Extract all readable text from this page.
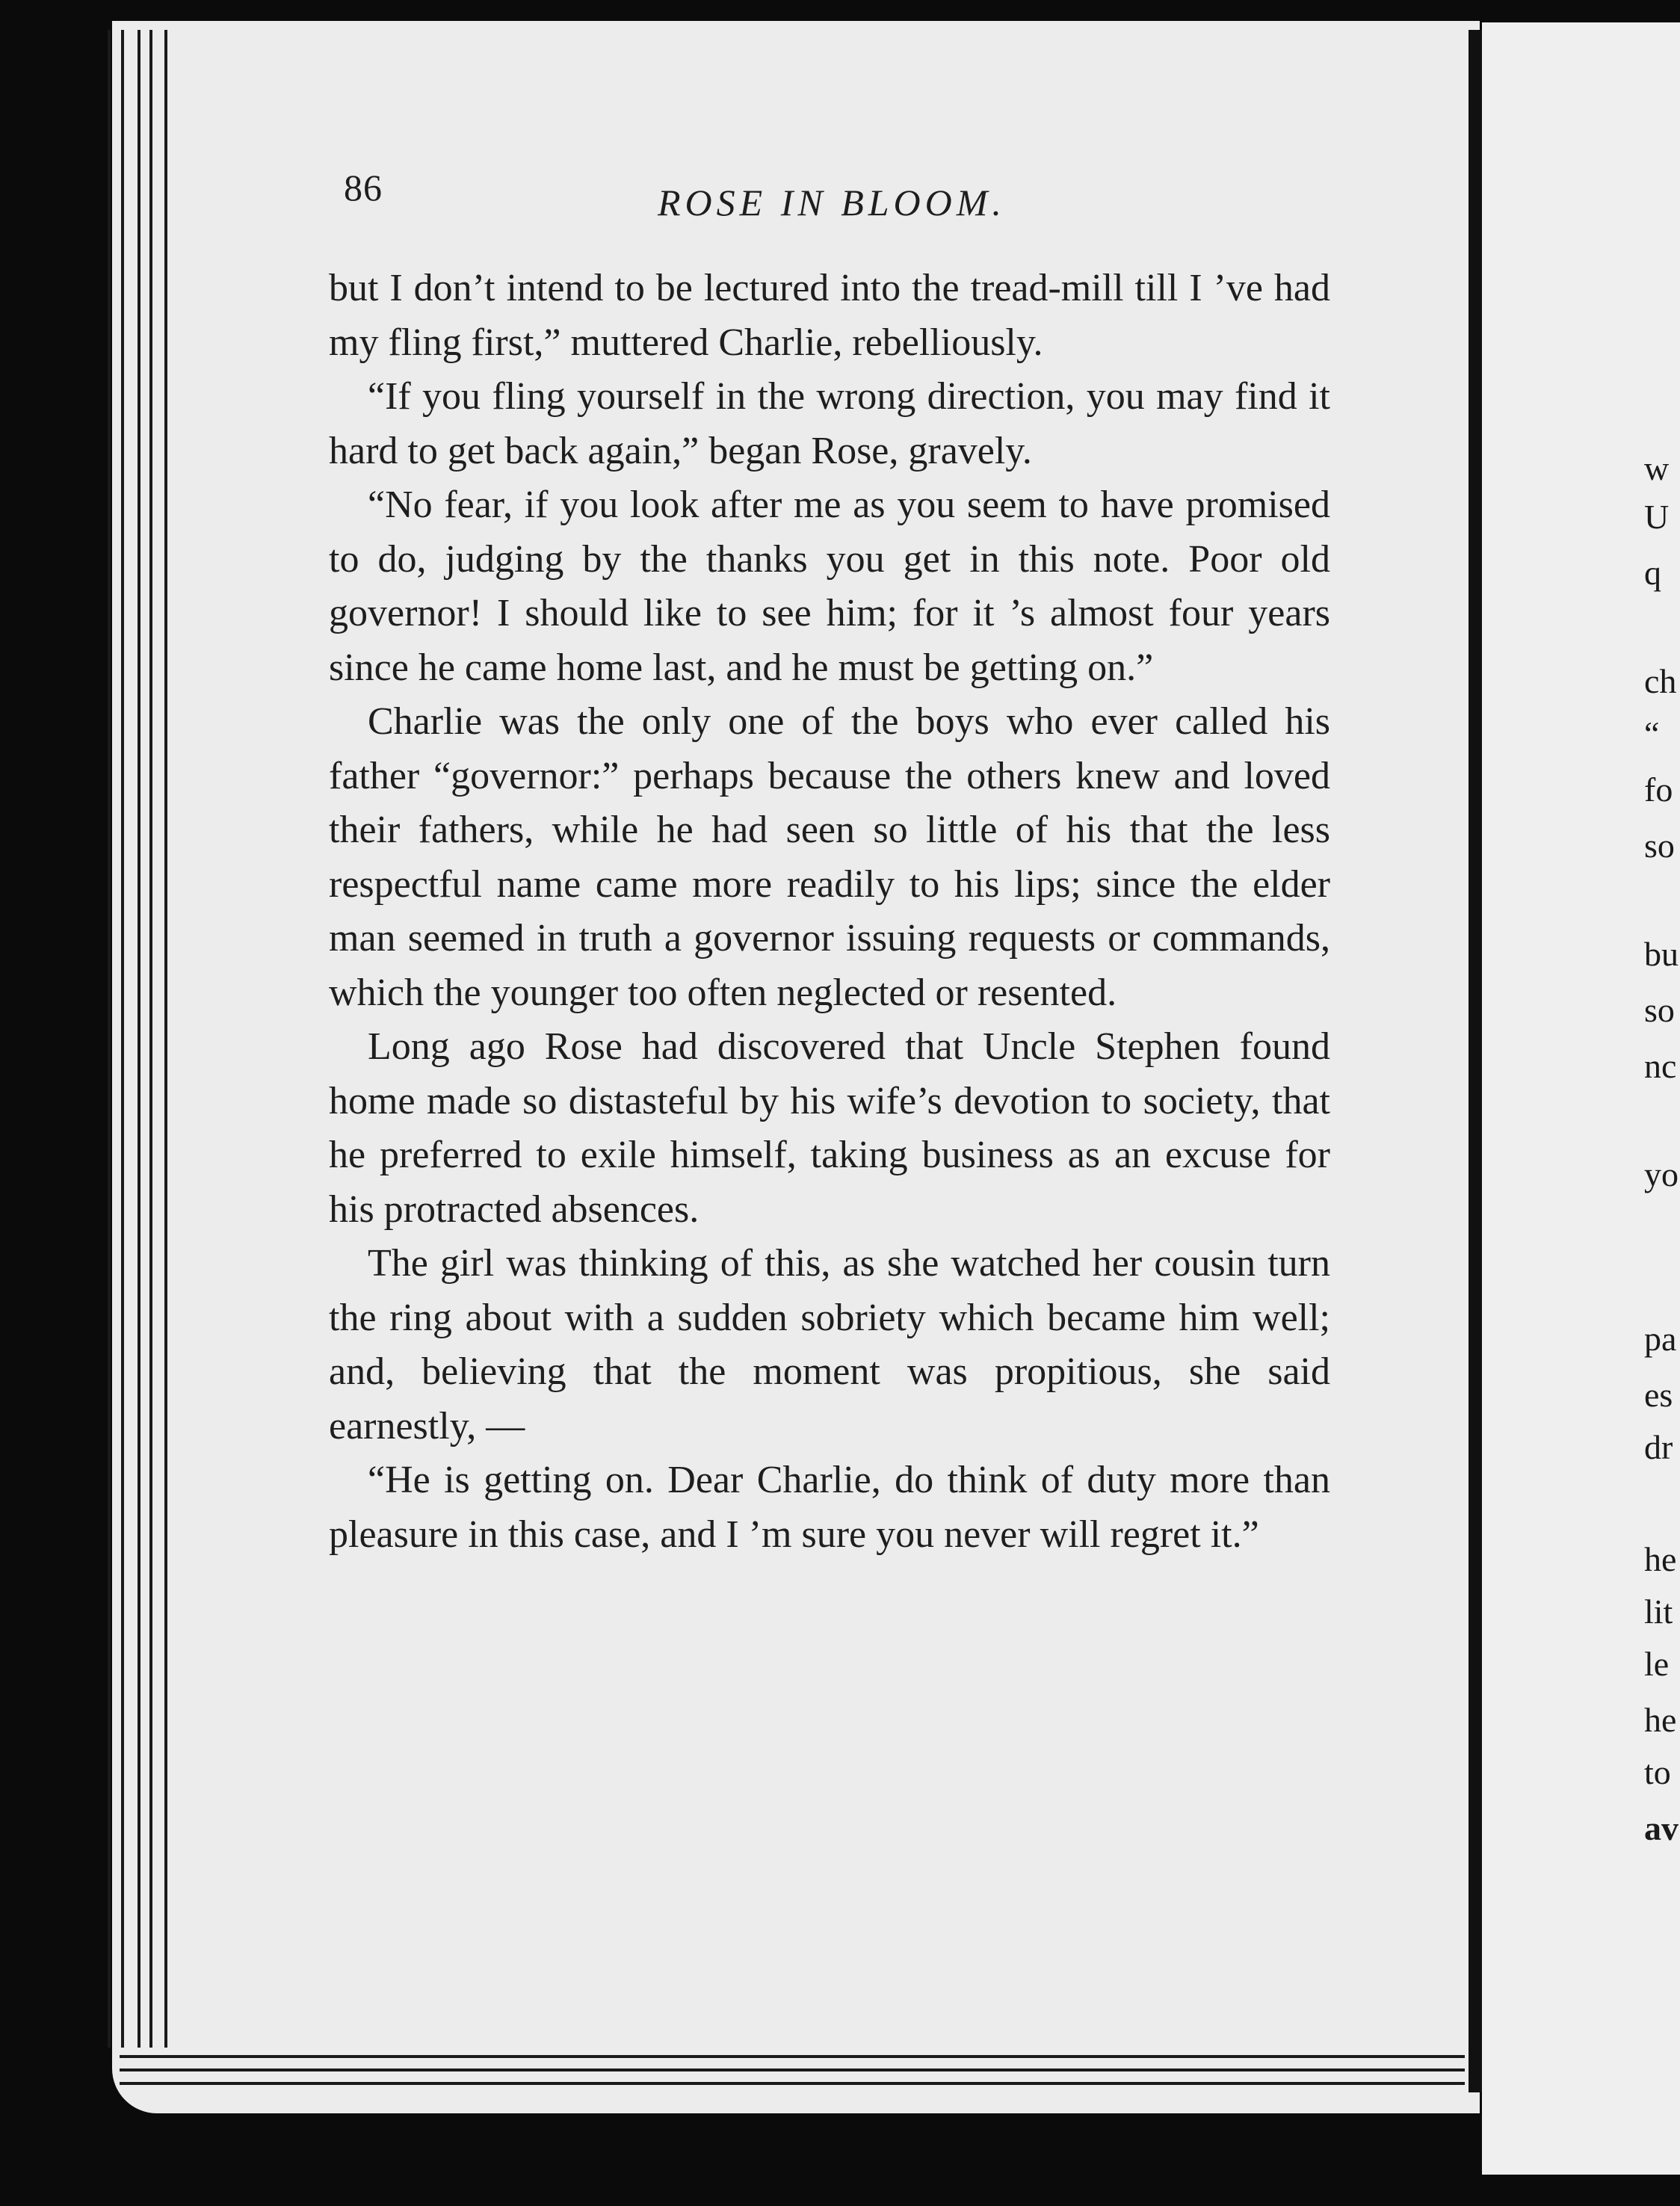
w
U
q
ch
“
fo
so
bu
so
nc
yo
pa
es
dr
he
lit
le
he
to
av
86	ROSE IN BLOOM.

but I don’t intend to be lectured into the tread-mill till I ’ve had my fling first,” muttered Charlie, rebelliously.

“If you fling yourself in the wrong direction, you may find it hard to get back again,” began Rose, gravely.

“No fear, if you look after me as you seem to have promised to do, judging by the thanks you get in this note. Poor old governor! I should like to see him; for it ’s almost four years since he came home last, and he must be getting on.”

Charlie was the only one of the boys who ever called his father “governor:” perhaps because the others knew and loved their fathers, while he had seen so little of his that the less respectful name came more readily to his lips; since the elder man seemed in truth a governor issuing requests or commands, which the younger too often neglected or resented.

Long ago Rose had discovered that Uncle Stephen found home made so distasteful by his wife’s devotion to society, that he preferred to exile himself, taking business as an excuse for his protracted absences.

The girl was thinking of this, as she watched her cousin turn the ring about with a sudden sobriety which became him well; and, believing that the moment was propitious, she said earnestly, —

“He is getting on. Dear Charlie, do think of duty more than pleasure in this case, and I ’m sure you never will regret it.”
